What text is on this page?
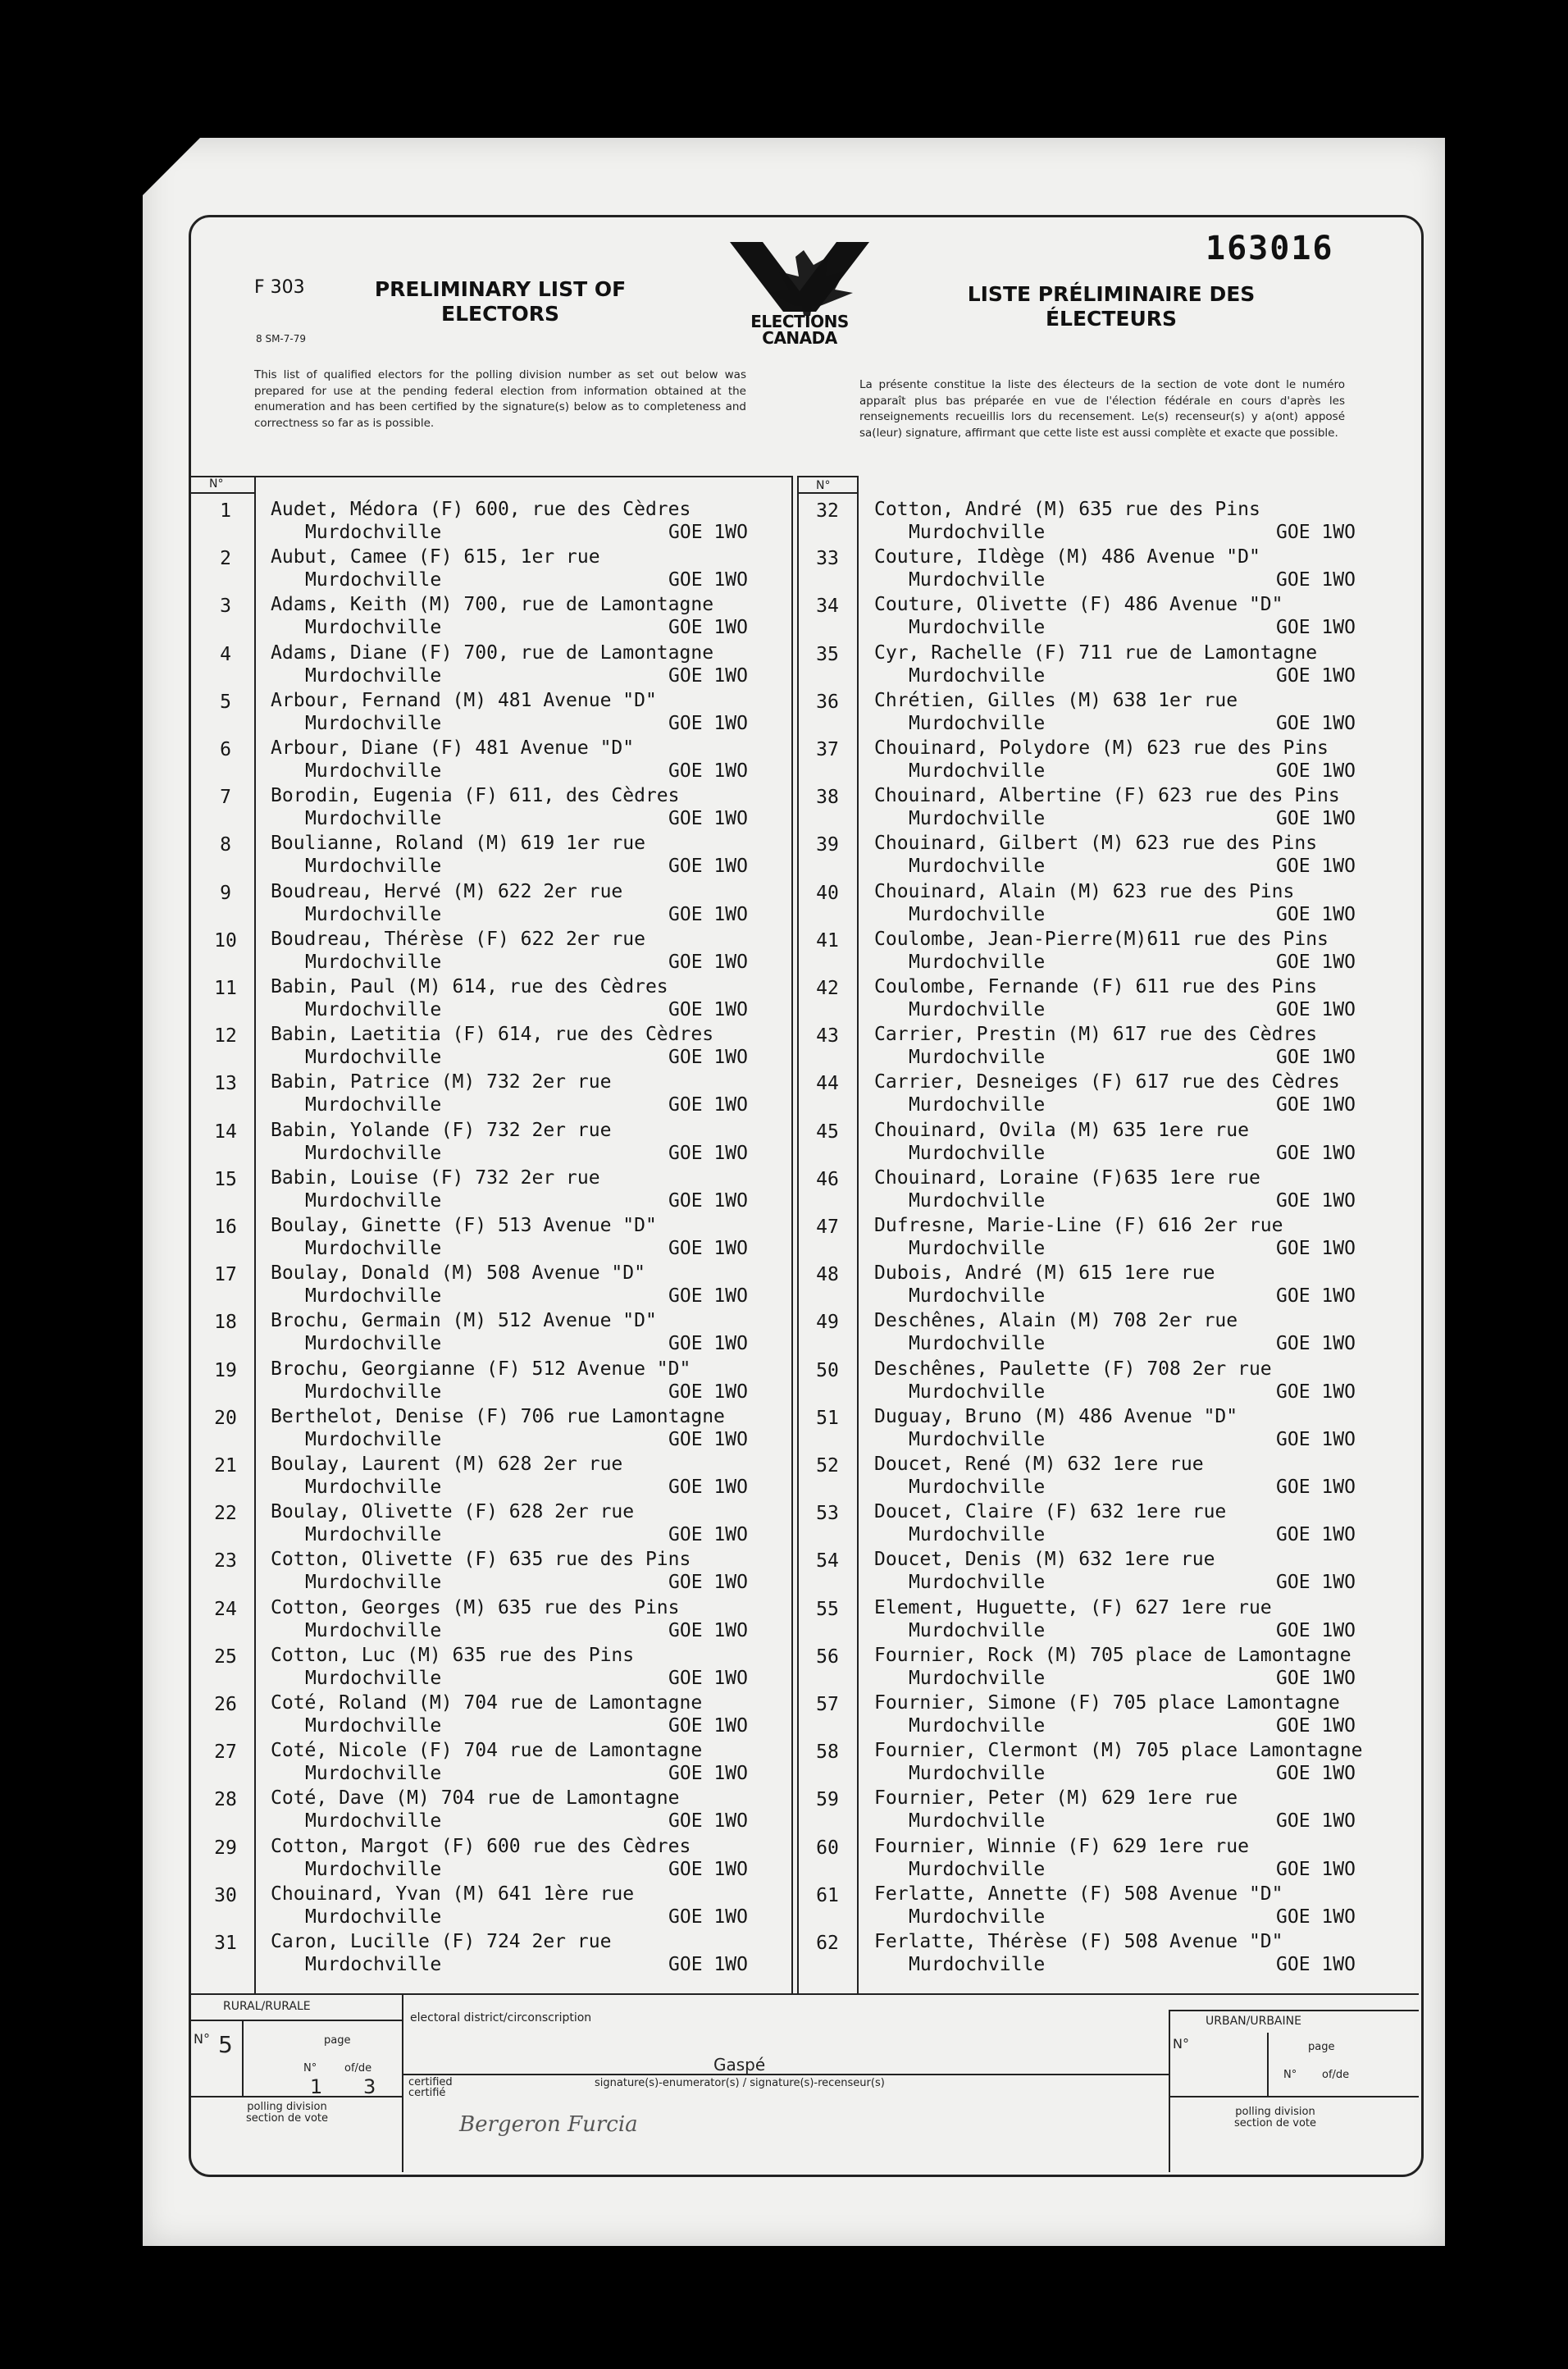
163016
F 303
8 SM-7-79
PRELIMINARY LIST OF
ELECTORS	ELECTIONS
CANADA
LISTE PRÉLIMINAIRE DES
ÉLECTEURS
This list of qualified electors for the polling division number as set out below was prepared for use at the pending federal election from information obtained at the enumeration and has been certified by the signature(s) below as to completeness and correctness so far as is possible.
La présente constitue la liste des électeurs de la section de vote dont le numéro apparaît plus bas préparée en vue de l'élection fédérale en cours d'après les renseignements recueillis lors du recensement. Le(s) recenseur(s) y a(ont) apposé sa(leur) signature, affirmant que cette liste est aussi complète et exacte que possible.
N°	N°
1	Audet, Médora (F) 600, rue des Cèdres
Murdochville	GOE 1WO
2	Aubut, Camee (F) 615, 1er rue
Murdochville	GOE 1WO
3	Adams, Keith (M) 700, rue de Lamontagne
Murdochville	GOE 1WO
4	Adams, Diane (F) 700, rue de Lamontagne
Murdochville	GOE 1WO
5	Arbour, Fernand (M) 481 Avenue "D"
Murdochville	GOE 1WO
6	Arbour, Diane (F) 481 Avenue "D"
Murdochville	GOE 1WO
7	Borodin, Eugenia (F) 611, des Cèdres
Murdochville	GOE 1WO
8	Boulianne, Roland (M) 619 1er rue
Murdochville	GOE 1WO
9	Boudreau, Hervé (M) 622 2er rue
Murdochville	GOE 1WO
10	Boudreau, Thérèse (F) 622 2er rue
Murdochville	GOE 1WO
11	Babin, Paul (M) 614, rue des Cèdres
Murdochville	GOE 1WO
12	Babin, Laetitia (F) 614, rue des Cèdres
Murdochville	GOE 1WO
13	Babin, Patrice (M) 732 2er rue
Murdochville	GOE 1WO
14	Babin, Yolande (F) 732 2er rue
Murdochville	GOE 1WO
15	Babin, Louise (F) 732 2er rue
Murdochville	GOE 1WO
16	Boulay, Ginette (F) 513 Avenue "D"
Murdochville	GOE 1WO
17	Boulay, Donald (M) 508 Avenue "D"
Murdochville	GOE 1WO
18	Brochu, Germain (M) 512 Avenue "D"
Murdochville	GOE 1WO
19	Brochu, Georgianne (F) 512 Avenue "D"
Murdochville	GOE 1WO
20	Berthelot, Denise (F) 706 rue Lamontagne
Murdochville	GOE 1WO
21	Boulay, Laurent (M) 628 2er rue
Murdochville	GOE 1WO
22	Boulay, Olivette (F) 628 2er rue
Murdochville	GOE 1WO
23	Cotton, Olivette (F) 635 rue des Pins
Murdochville	GOE 1WO
24	Cotton, Georges (M) 635 rue des Pins
Murdochville	GOE 1WO
25	Cotton, Luc (M) 635 rue des Pins
Murdochville	GOE 1WO
26	Coté, Roland (M) 704 rue de Lamontagne
Murdochville	GOE 1WO
27	Coté, Nicole (F) 704 rue de Lamontagne
Murdochville	GOE 1WO
28	Coté, Dave (M) 704 rue de Lamontagne
Murdochville	GOE 1WO
29	Cotton, Margot (F) 600 rue des Cèdres
Murdochville	GOE 1WO
30	Chouinard, Yvan (M) 641 1ère rue
Murdochville	GOE 1WO
31	Caron, Lucille (F) 724 2er rue
Murdochville	GOE 1WO
32	Cotton, André (M) 635 rue des Pins
Murdochville	GOE 1WO
33	Couture, Ildège (M) 486 Avenue "D"
Murdochville	GOE 1WO
34	Couture, Olivette (F) 486 Avenue "D"
Murdochville	GOE 1WO
35	Cyr, Rachelle (F) 711 rue de Lamontagne
Murdochville	GOE 1WO
36	Chrétien, Gilles (M) 638 1er rue
Murdochville	GOE 1WO
37	Chouinard, Polydore (M) 623 rue des Pins
Murdochville	GOE 1WO
38	Chouinard, Albertine (F) 623 rue des Pins
Murdochville	GOE 1WO
39	Chouinard, Gilbert (M) 623 rue des Pins
Murdochville	GOE 1WO
40	Chouinard, Alain (M) 623 rue des Pins
Murdochville	GOE 1WO
41	Coulombe, Jean-Pierre(M)611 rue des Pins
Murdochville	GOE 1WO
42	Coulombe, Fernande (F) 611 rue des Pins
Murdochville	GOE 1WO
43	Carrier, Prestin (M) 617 rue des Cèdres
Murdochville	GOE 1WO
44	Carrier, Desneiges (F) 617 rue des Cèdres
Murdochville	GOE 1WO
45	Chouinard, Ovila (M) 635 1ere rue
Murdochville	GOE 1WO
46	Chouinard, Loraine (F)635 1ere rue
Murdochville	GOE 1WO
47	Dufresne, Marie-Line (F) 616 2er rue
Murdochville	GOE 1WO
48	Dubois, André (M) 615 1ere rue
Murdochville	GOE 1WO
49	Deschênes, Alain (M) 708 2er rue
Murdochville	GOE 1WO
50	Deschênes, Paulette (F) 708 2er rue
Murdochville	GOE 1WO
51	Duguay, Bruno (M) 486 Avenue "D"
Murdochville	GOE 1WO
52	Doucet, René (M) 632 1ere rue
Murdochville	GOE 1WO
53	Doucet, Claire (F) 632 1ere rue
Murdochville	GOE 1WO
54	Doucet, Denis (M) 632 1ere rue
Murdochville	GOE 1WO
55	Element, Huguette, (F) 627 1ere rue
Murdochville	GOE 1WO
56	Fournier, Rock (M) 705 place de Lamontagne
Murdochville	GOE 1WO
57	Fournier, Simone (F) 705 place Lamontagne
Murdochville	GOE 1WO
58	Fournier, Clermont (M) 705 place Lamontagne
Murdochville	GOE 1WO
59	Fournier, Peter (M) 629 1ere rue
Murdochville	GOE 1WO
60	Fournier, Winnie (F) 629 1ere rue
Murdochville	GOE 1WO
61	Ferlatte, Annette (F) 508 Avenue "D"
Murdochville	GOE 1WO
62	Ferlatte, Thérèse (F) 508 Avenue "D"
Murdochville	GOE 1WO
RURAL/RURALE
URBAN/URBAINE
electoral district/circonscription
Gaspé
N° 5	page
N°	of/de
1 3
N°	page
N° of/de
certified certifié
signature(s)-enumerator(s) / signature(s)-recenseur(s)
polling division section de vote
polling division section de vote
Bergeron Furcia
